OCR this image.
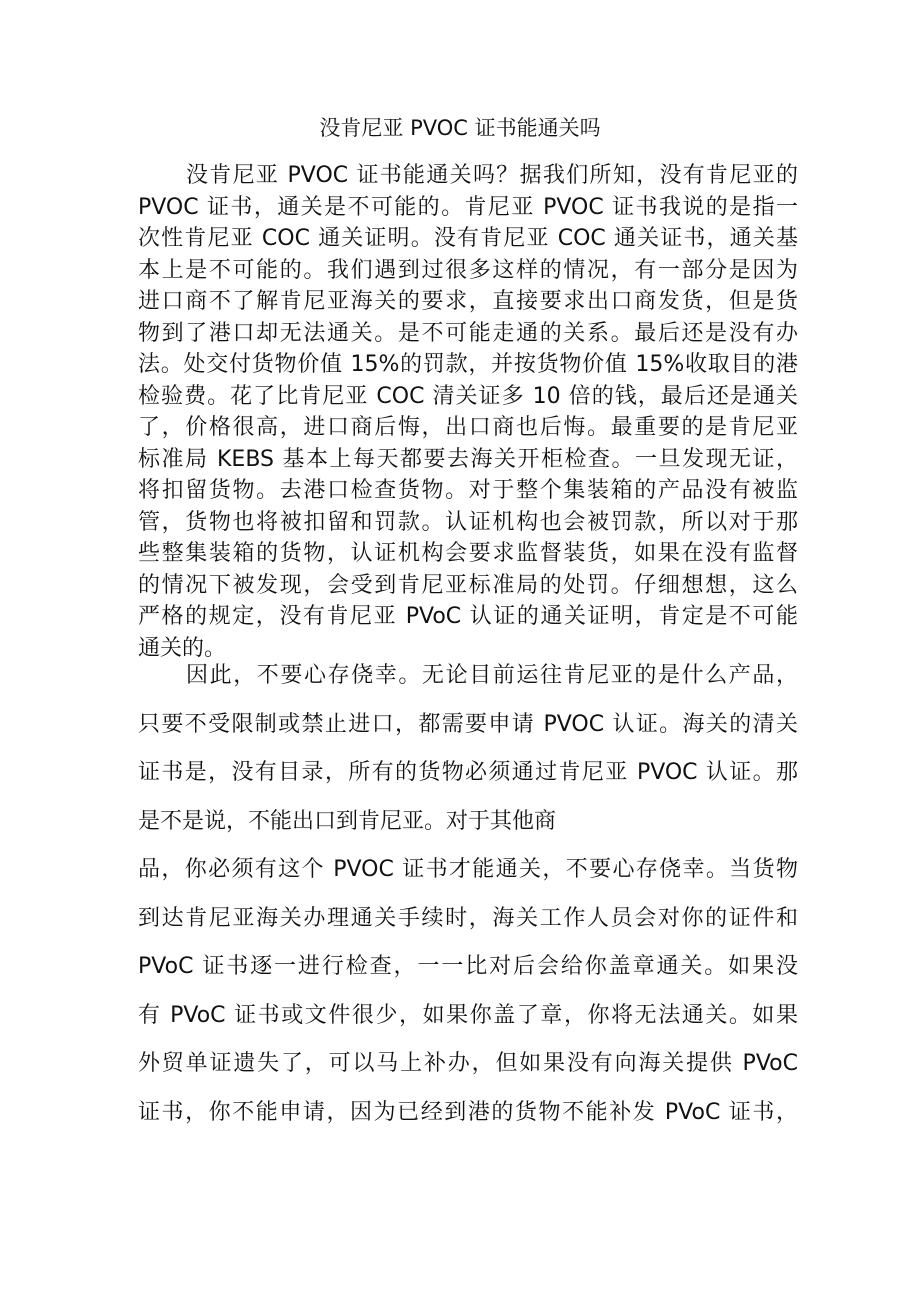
没肯尼亚 PVOC 证书能通关吗
没肯尼亚 PVOC 证书能通关吗？据我们所知，没有肯尼亚的
PVOC 证书，通关是不可能的。肯尼亚 PVOC 证书我说的是指一
次性肯尼亚 COC 通关证明。没有肯尼亚 COC 通关证书，通关基
本上是不可能的。我们遇到过很多这样的情况，有一部分是因为
进口商不了解肯尼亚海关的要求，直接要求出口商发货，但是货
物到了港口却无法通关。是不可能走通的关系。最后还是没有办
法。处交付货物价值 15%的罚款，并按货物价值 15%收取目的港
检验费。花了比肯尼亚 COC 清关证多 10 倍的钱，最后还是通关
了，价格很高，进口商后悔，出口商也后悔。最重要的是肯尼亚
标准局 KEBS 基本上每天都要去海关开柜检查。一旦发现无证，
将扣留货物。去港口检查货物。对于整个集装箱的产品没有被监
管，货物也将被扣留和罚款。认证机构也会被罚款，所以对于那
些整集装箱的货物，认证机构会要求监督装货，如果在没有监督
的情况下被发现，会受到肯尼亚标准局的处罚。仔细想想，这么
严格的规定，没有肯尼亚 PVoC 认证的通关证明，肯定是不可能
通关的。
因此，不要心存侥幸。无论目前运往肯尼亚的是什么产品，
只要不受限制或禁止进口，都需要申请 PVOC 认证。海关的清关
证书是，没有目录，所有的货物必须通过肯尼亚 PVOC 认证。那
是不是说，不能出口到肯尼亚。对于其他商
品，你必须有这个 PVOC 证书才能通关，不要心存侥幸。当货物
到达肯尼亚海关办理通关手续时，海关工作人员会对你的证件和
PVoC 证书逐一进行检查，一一比对后会给你盖章通关。如果没
有 PVoC 证书或文件很少，如果你盖了章，你将无法通关。如果
外贸单证遗失了，可以马上补办，但如果没有向海关提供 PVoC
证书，你不能申请，因为已经到港的货物不能补发 PVoC 证书，
